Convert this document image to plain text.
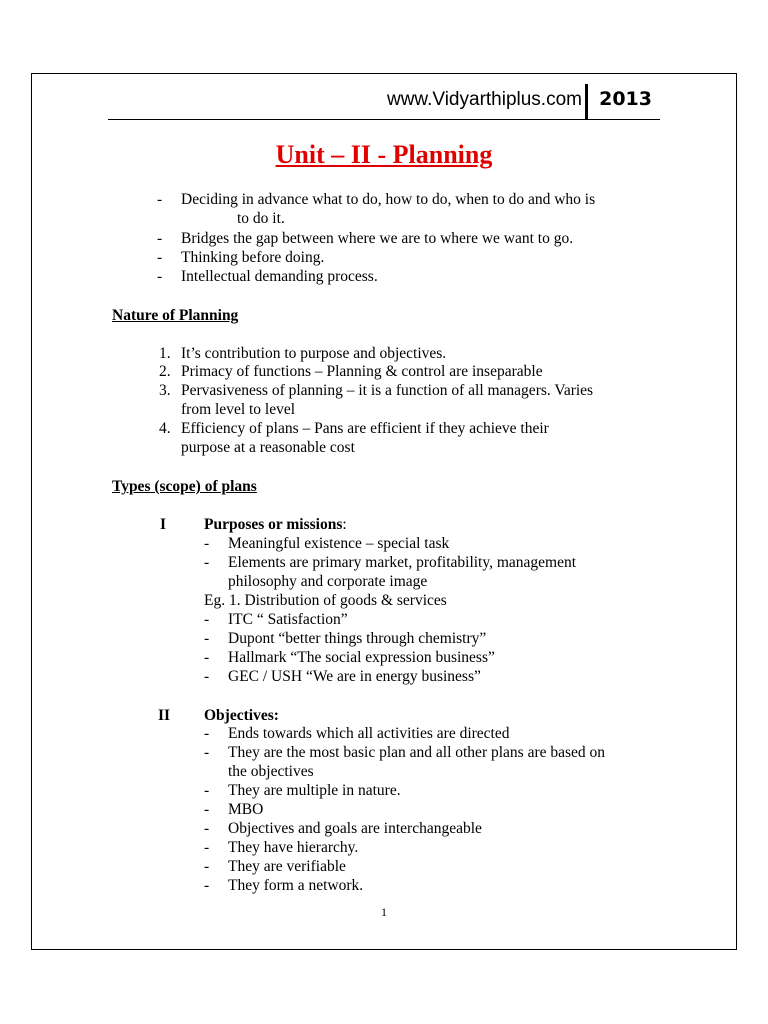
www.Vidyarthiplus.com 2013
Unit – II - Planning
- Deciding in advance what to do, how to do, when to do and who is
to do it.
- Bridges the gap between where we are to where we want to go.
- Thinking before doing.
- Intellectual demanding process.
Nature of Planning
1. It’s contribution to purpose and objectives.
2. Primacy of functions – Planning & control are inseparable
3. Pervasiveness of planning – it is a function of all managers. Varies
from level to level
4. Efficiency of plans – Pans are efficient if they achieve their
purpose at a reasonable cost
Types (scope) of plans
I Purposes or missions:
- Meaningful existence – special task
- Elements are primary market, profitability, management
philosophy and corporate image
Eg. 1. Distribution of goods & services
- ITC “ Satisfaction”
- Dupont “better things through chemistry”
- Hallmark “The social expression business”
- GEC / USH “We are in energy business”
II Objectives:
- Ends towards which all activities are directed
- They are the most basic plan and all other plans are based on
the objectives
- They are multiple in nature.
- MBO
- Objectives and goals are interchangeable
- They have hierarchy.
- They are verifiable
- They form a network.
1
